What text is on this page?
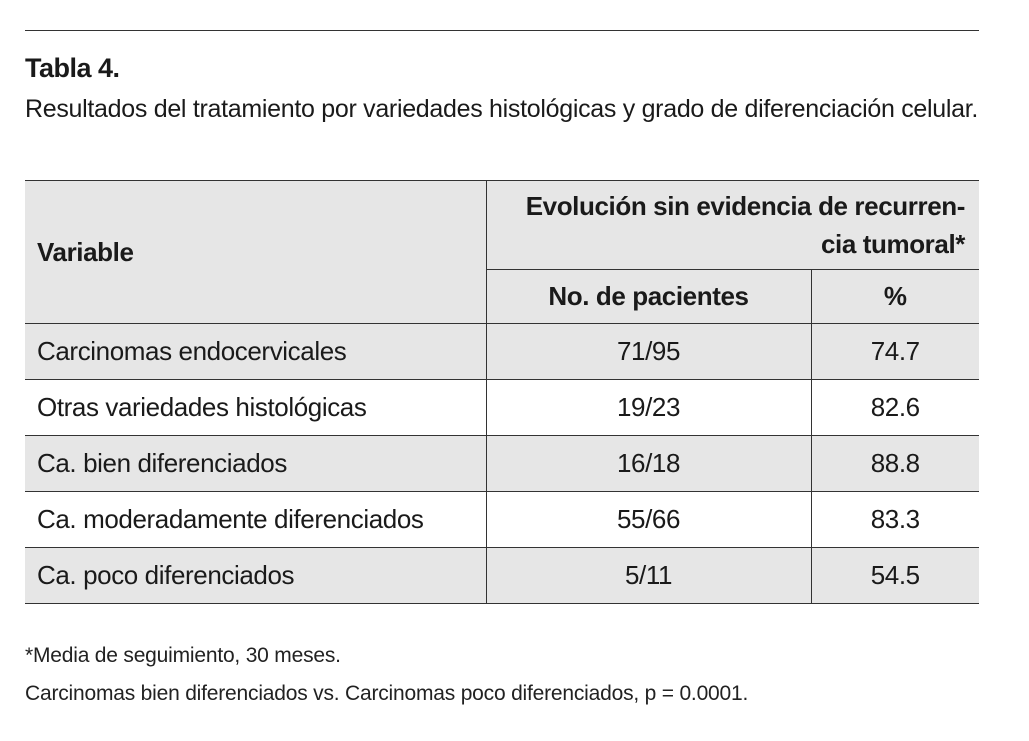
Tabla 4.
Resultados del tratamiento por variedades histológicas y grado de diferenciación celular.
Variable	Evolución sin evidencia de recurren-
cia tumoral*	
	No. de pacientes	%
Carcinomas endocervicales	71/95	74.7
Otras variedades histológicas	19/23	82.6
Ca. bien diferenciados	16/18	88.8
Ca. moderadamente diferenciados	55/66	83.3
Ca. poco diferenciados	5/11	54.5
*Media de seguimiento, 30 meses.
Carcinomas bien diferenciados vs. Carcinomas poco diferenciados, p = 0.0001.
